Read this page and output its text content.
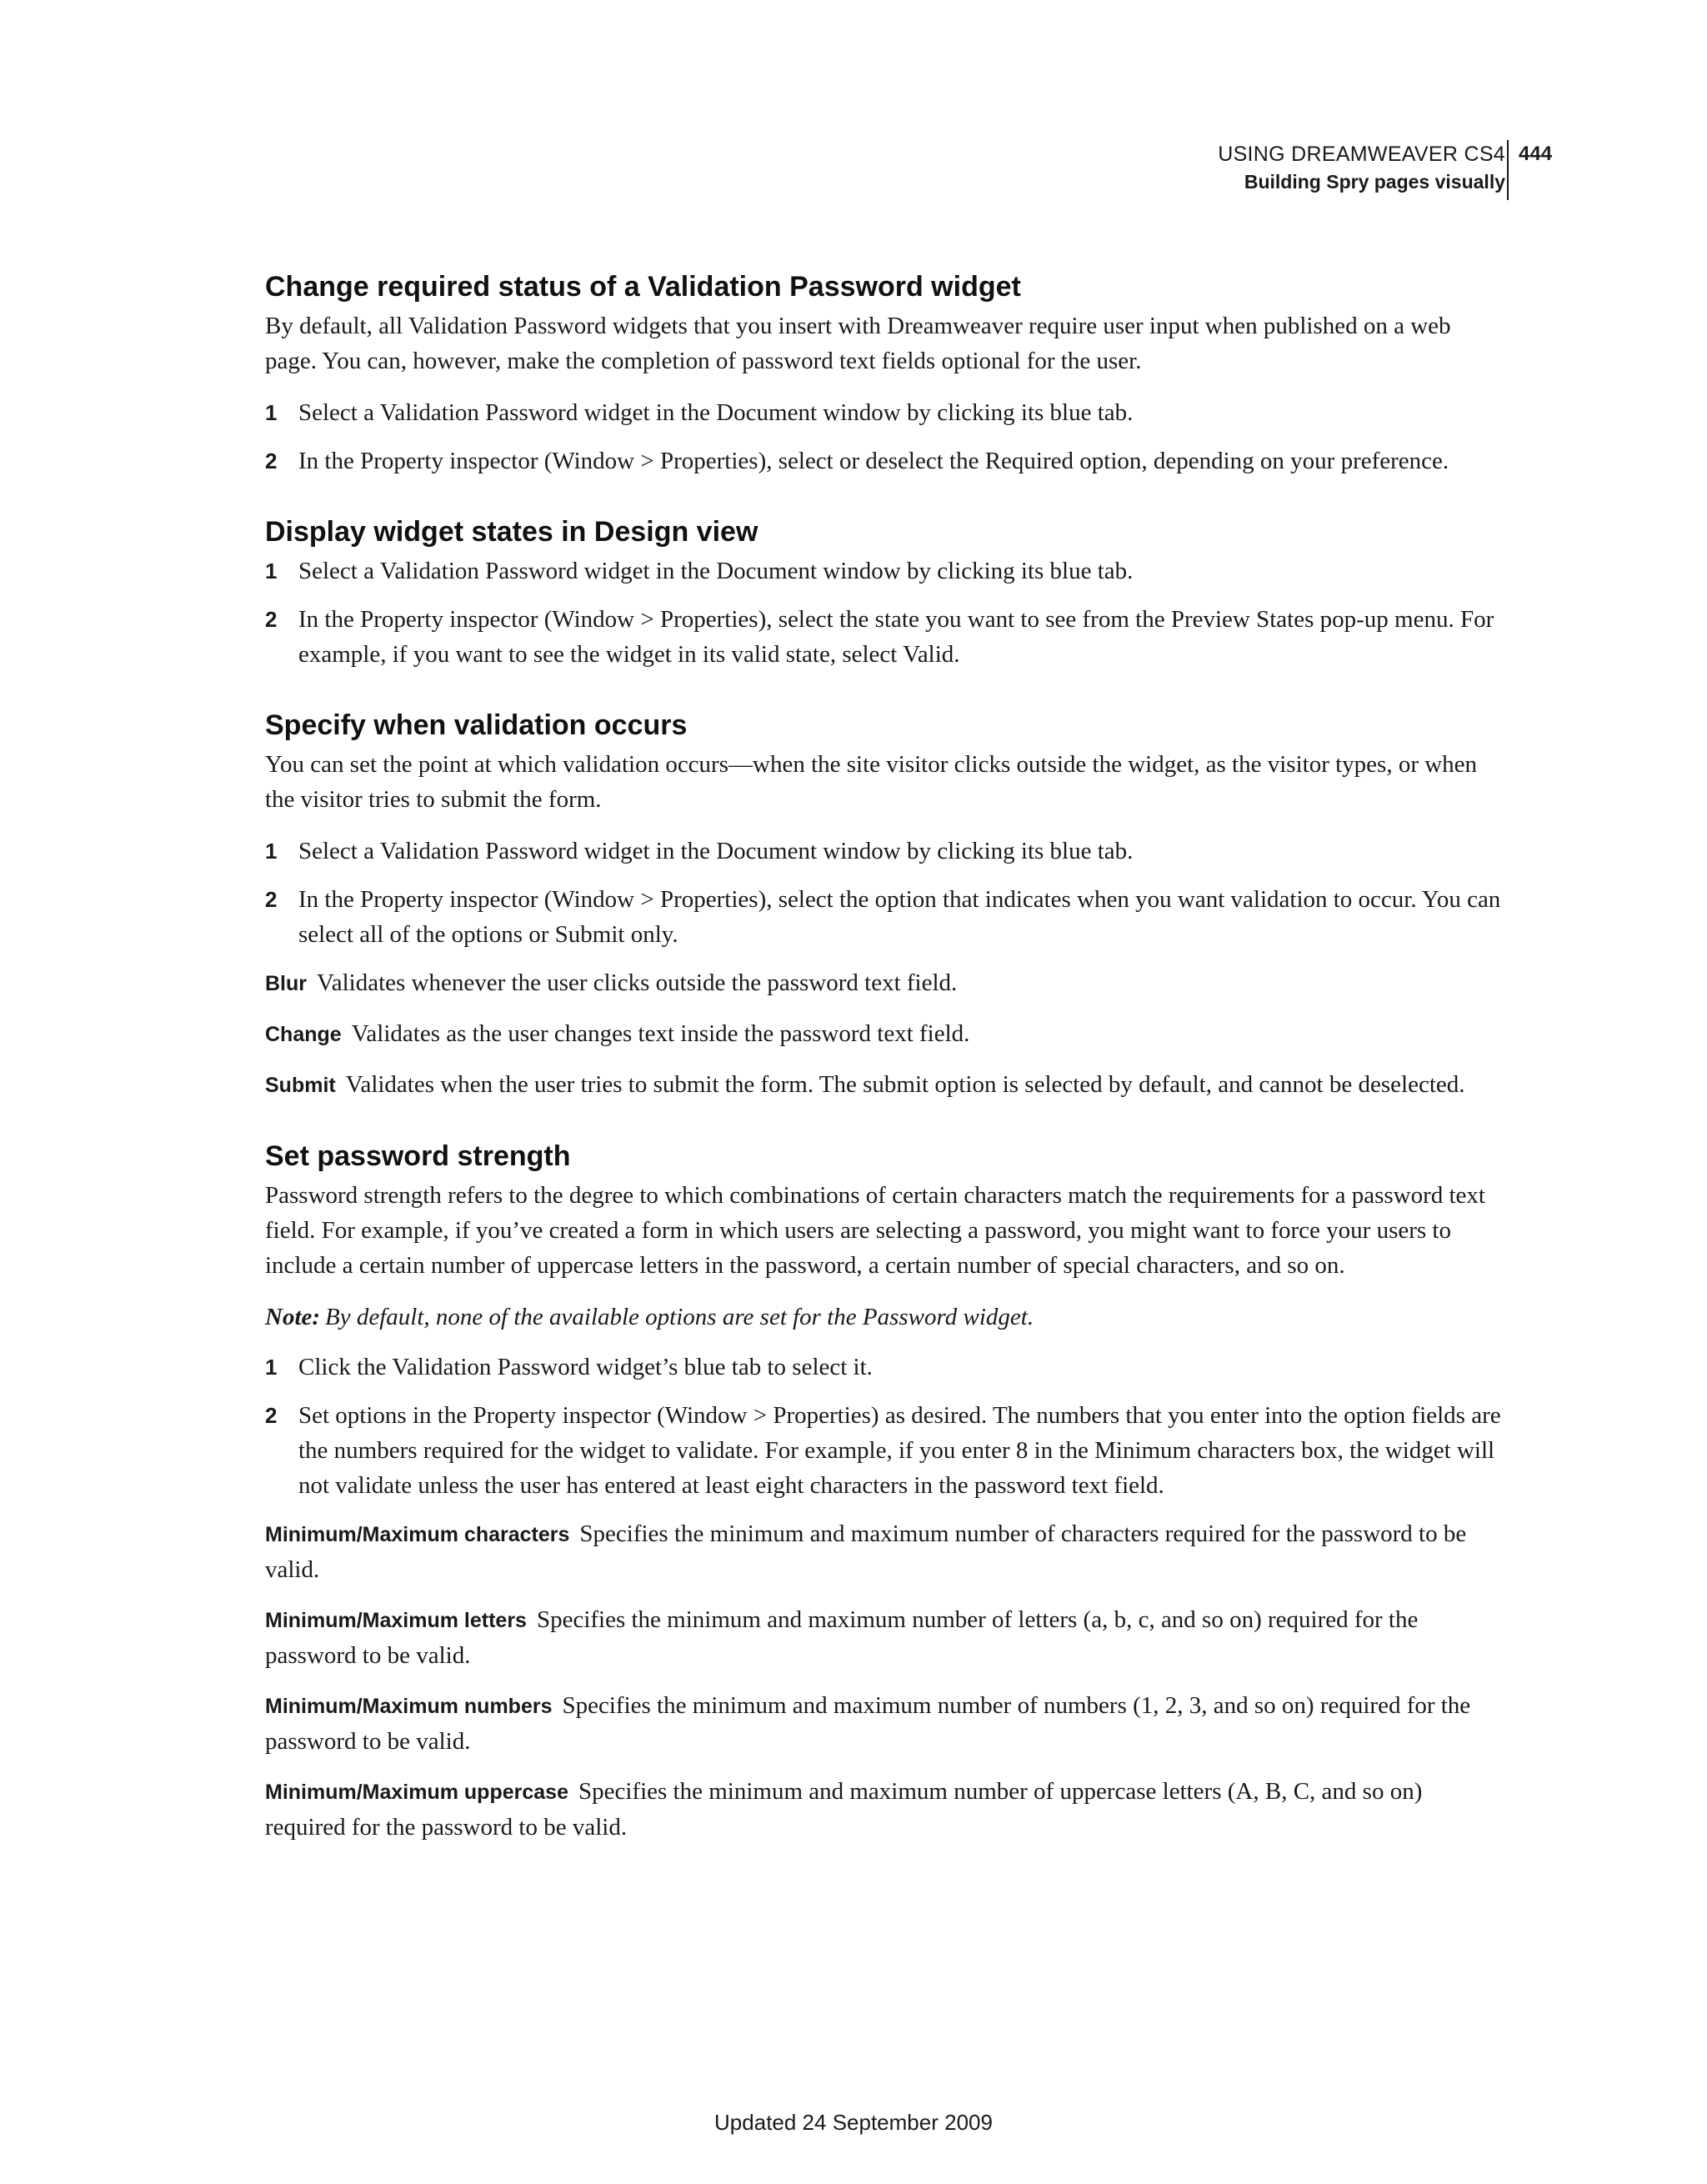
USING DREAMWEAVER CS4
Building Spry pages visually
444
Change required status of a Validation Password widget

By default, all Validation Password widgets that you insert with Dreamweaver require user input when published on a web page. You can, however, make the completion of password text fields optional for the user.

1 Select a Validation Password widget in the Document window by clicking its blue tab.
2 In the Property inspector (Window > Properties), select or deselect the Required option, depending on your preference.
Display widget states in Design view
1 Select a Validation Password widget in the Document window by clicking its blue tab.
2 In the Property inspector (Window > Properties), select the state you want to see from the Preview States pop-up menu. For example, if you want to see the widget in its valid state, select Valid.
Specify when validation occurs

You can set the point at which validation occurs—when the site visitor clicks outside the widget, as the visitor types, or when the visitor tries to submit the form.

1 Select a Validation Password widget in the Document window by clicking its blue tab.
2 In the Property inspector (Window > Properties), select the option that indicates when you want validation to occur. You can select all of the options or Submit only.
Blur Validates whenever the user clicks outside the password text field.
Change Validates as the user changes text inside the password text field.
Submit Validates when the user tries to submit the form. The submit option is selected by default, and cannot be deselected.
Set password strength

Password strength refers to the degree to which combinations of certain characters match the requirements for a password text field. For example, if you’ve created a form in which users are selecting a password, you might want to force your users to include a certain number of uppercase letters in the password, a certain number of special characters, and so on.

Note: By default, none of the available options are set for the Password widget.
1 Click the Validation Password widget’s blue tab to select it.
2 Set options in the Property inspector (Window > Properties) as desired. The numbers that you enter into the option fields are the numbers required for the widget to validate. For example, if you enter 8 in the Minimum characters box, the widget will not validate unless the user has entered at least eight characters in the password text field.
Minimum/Maximum characters Specifies the minimum and maximum number of characters required for the password to be valid.
Minimum/Maximum letters Specifies the minimum and maximum number of letters (a, b, c, and so on) required for the password to be valid.
Minimum/Maximum numbers Specifies the minimum and maximum number of numbers (1, 2, 3, and so on) required for the password to be valid.
Minimum/Maximum uppercase Specifies the minimum and maximum number of uppercase letters (A, B, C, and so on) required for the password to be valid.
Updated 24 September 2009
